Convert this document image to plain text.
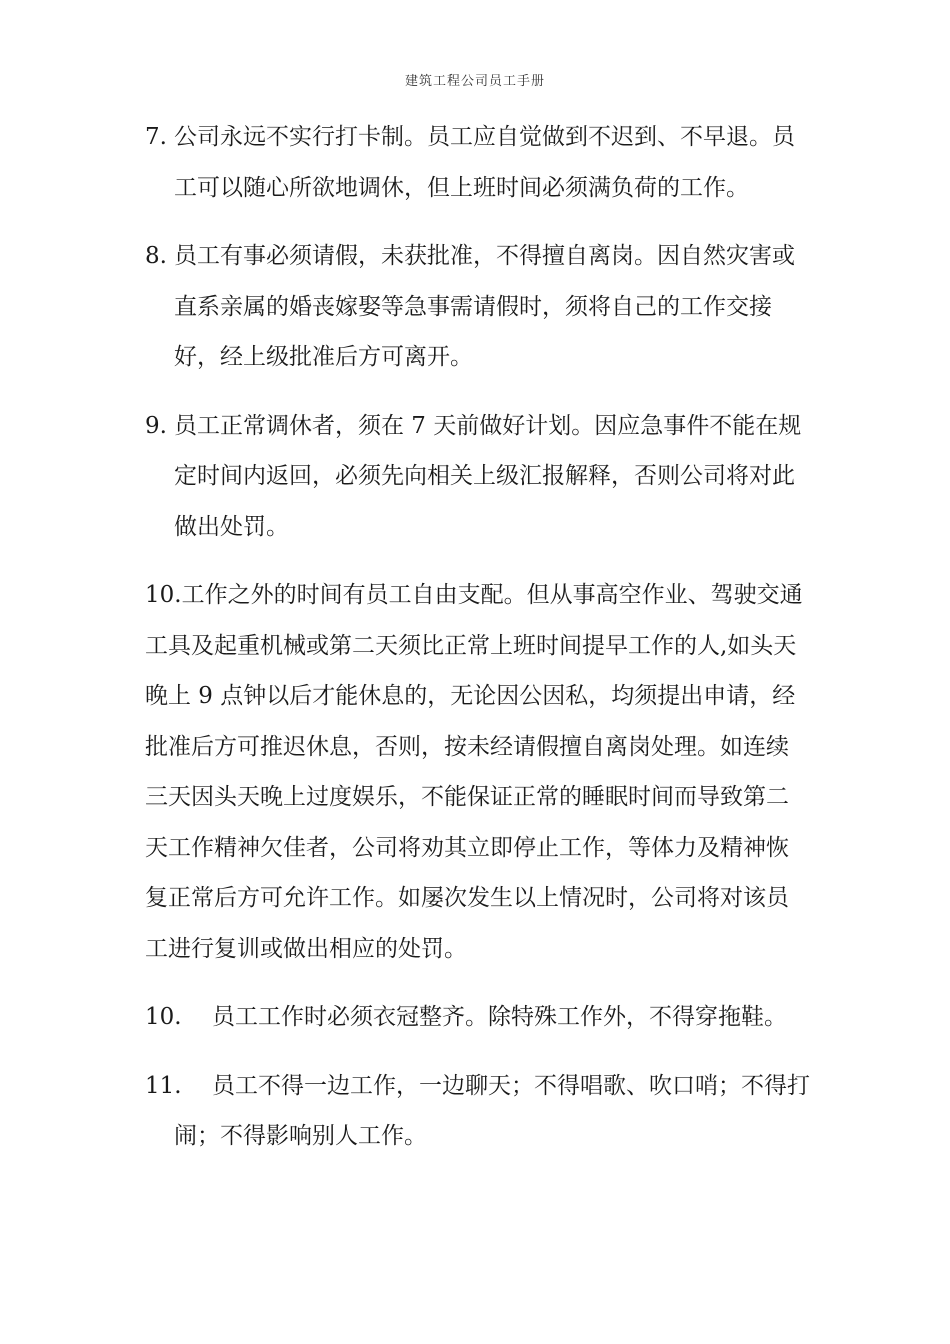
建筑工程公司员工手册
7. 公司永远不实行打卡制。员工应自觉做到不迟到、不早退。员工可以随心所欲地调休，但上班时间必须满负荷的工作。
8. 员工有事必须请假，未获批准，不得擅自离岗。因自然灾害或直系亲属的婚丧嫁娶等急事需请假时，须将自己的工作交接好，经上级批准后方可离开。
9. 员工正常调休者，须在 7 天前做好计划。因应急事件不能在规定时间内返回，必须先向相关上级汇报解释，否则公司将对此做出处罚。
10.工作之外的时间有员工自由支配。但从事高空作业、驾驶交通工具及起重机械或第二天须比正常上班时间提早工作的人,如头天晚上 9 点钟以后才能休息的，无论因公因私，均须提出申请，经批准后方可推迟休息，否则，按未经请假擅自离岗处理。如连续三天因头天晚上过度娱乐，不能保证正常的睡眠时间而导致第二天工作精神欠佳者，公司将劝其立即停止工作，等体力及精神恢复正常后方可允许工作。如屡次发生以上情况时，公司将对该员工进行复训或做出相应的处罚。
10. 员工工作时必须衣冠整齐。除特殊工作外，不得穿拖鞋。
11.	员工不得一边工作，一边聊天；不得唱歌、吹口哨；不得打闹；不得影响别人工作。
